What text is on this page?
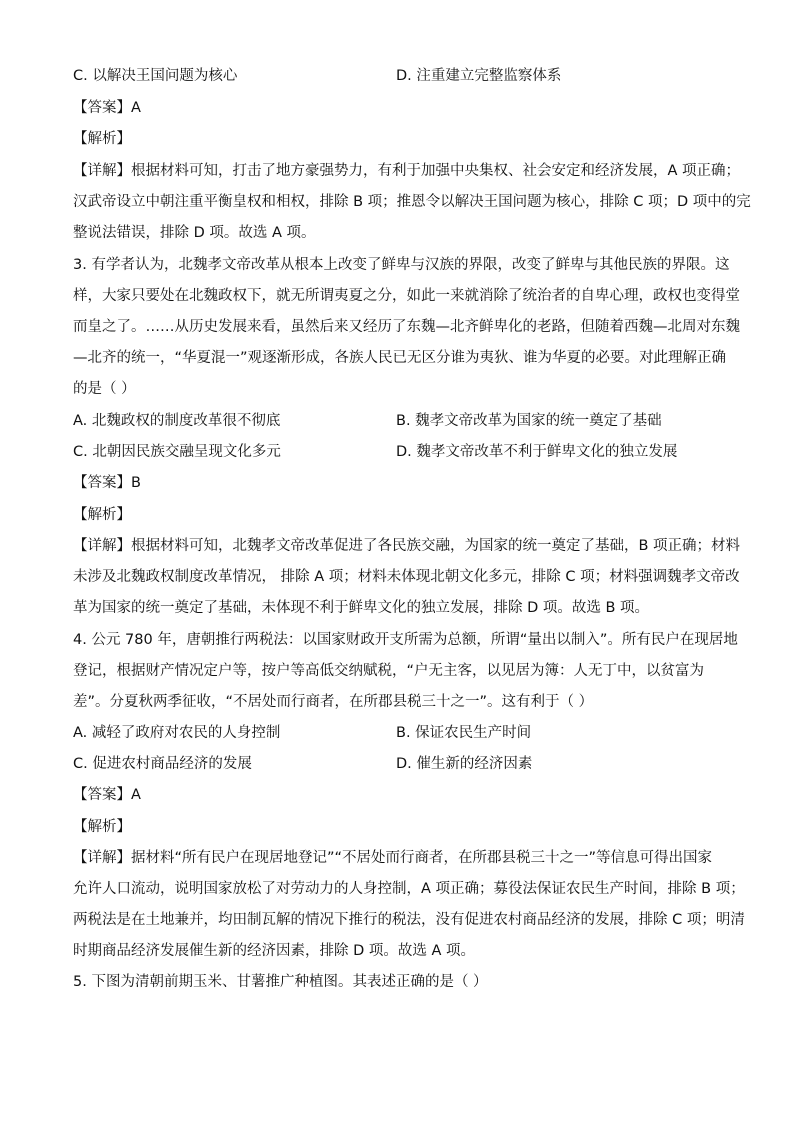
C. 以解决王国问题为核心	D. 注重建立完整监察体系
【答案】A
【解析】
【详解】根据材料可知，打击了地方豪强势力，有利于加强中央集权、社会安定和经济发展，A 项正确；
汉武帝设立中朝注重平衡皇权和相权，排除 B 项；推恩令以解决王国问题为核心，排除 C 项；D 项中的完
整说法错误，排除 D 项。故选 A 项。
3. 有学者认为，北魏孝文帝改革从根本上改变了鲜卑与汉族的界限，改变了鲜卑与其他民族的界限。这
样，大家只要处在北魏政权下，就无所谓夷夏之分，如此一来就消除了统治者的自卑心理，政权也变得堂
而皇之了。……从历史发展来看，虽然后来又经历了东魏—北齐鲜卑化的老路，但随着西魏—北周对东魏
—北齐的统一，“华夏混一”观逐渐形成，各族人民已无区分谁为夷狄、谁为华夏的必要。对此理解正确
的是（ ）
A. 北魏政权的制度改革很不彻底	B. 魏孝文帝改革为国家的统一奠定了基础
C. 北朝因民族交融呈现文化多元	D. 魏孝文帝改革不利于鲜卑文化的独立发展
【答案】B
【解析】
【详解】根据材料可知，北魏孝文帝改革促进了各民族交融，为国家的统一奠定了基础，B 项正确；材料
未涉及北魏政权制度改革情况， 排除 A 项；材料未体现北朝文化多元，排除 C 项；材料强调魏孝文帝改
革为国家的统一奠定了基础，未体现不利于鲜卑文化的独立发展，排除 D 项。故选 B 项。
4. 公元 780 年，唐朝推行两税法：以国家财政开支所需为总额，所谓“量出以制入”。所有民户在现居地
登记，根据财产情况定户等，按户等高低交纳赋税，“户无主客，以见居为簿：人无丁中，以贫富为
差”。分夏秋两季征收，“不居处而行商者，在所郡县税三十之一”。这有利于（ ）
A. 减轻了政府对农民的人身控制	B. 保证农民生产时间
C. 促进农村商品经济的发展	D. 催生新的经济因素
【答案】A
【解析】
【详解】据材料“所有民户在现居地登记”“不居处而行商者，在所郡县税三十之一”等信息可得出国家
允许人口流动，说明国家放松了对劳动力的人身控制，A 项正确；募役法保证农民生产时间，排除 B 项；
两税法是在土地兼并，均田制瓦解的情况下推行的税法，没有促进农村商品经济的发展，排除 C 项；明清
时期商品经济发展催生新的经济因素，排除 D 项。故选 A 项。
5. 下图为清朝前期玉米、甘薯推广种植图。其表述正确的是（ ）
